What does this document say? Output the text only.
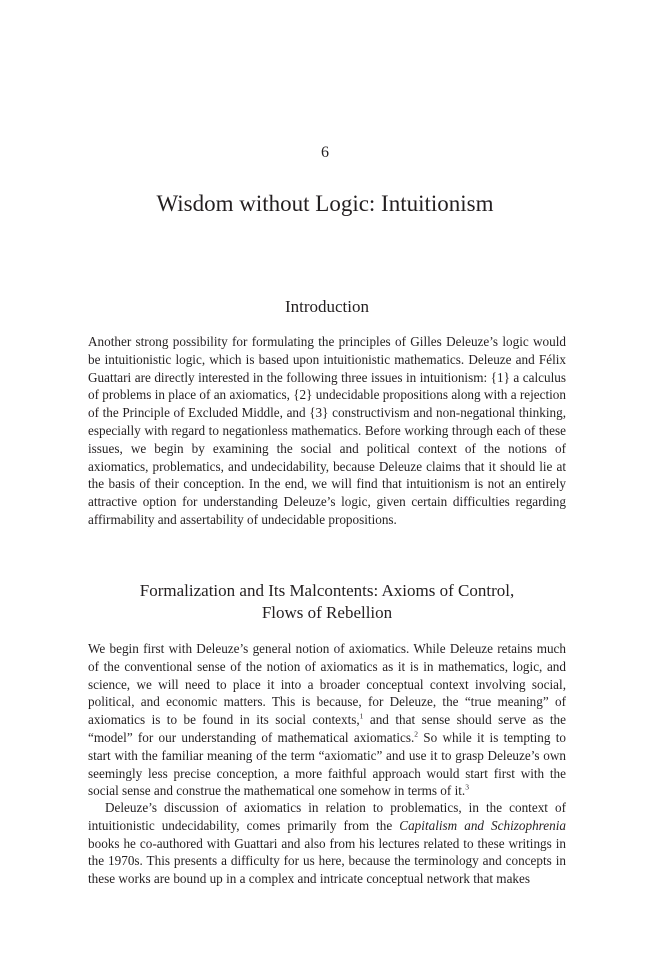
6
Wisdom without Logic: Intuitionism
Introduction

Another strong possibility for formulating the principles of Gilles Deleuze’s logic would be intuitionistic logic, which is based upon intuitionistic mathematics. Deleuze and Félix Guattari are directly interested in the following three issues in intuitionism: {1} a calculus of problems in place of an axiomatics, {2} undecidable propositions along with a rejection of the Principle of Excluded Middle, and {3} constructivism and non-negational thinking, especially with regard to negationless mathematics. Before working through each of these issues, we begin by examining the social and political context of the notions of axiomatics, problematics, and undecidability, because Deleuze claims that it should lie at the basis of their conception. In the end, we will find that intuitionism is not an entirely attractive option for understanding Deleuze’s logic, given certain difficulties regarding affirmability and assertability of undecidable propositions.

Formalization and Its Malcontents: Axioms of Control,
Flows of Rebellion

We begin first with Deleuze’s general notion of axiomatics. While Deleuze retains much of the conventional sense of the notion of axiomatics as it is in mathematics, logic, and science, we will need to place it into a broader conceptual context involving social, political, and economic matters. This is because, for Deleuze, the “true meaning” of axiomatics is to be found in its social contexts,$^1$ and that sense should serve as the “model” for our understanding of mathematical axiomatics.$^2$ So while it is tempting to start with the familiar meaning of the term “axiomatic” and use it to grasp Deleuze’s own seemingly less precise conception, a more faithful approach would start first with the social sense and construe the mathematical one somehow in terms of it.$^3$

Deleuze’s discussion of axiomatics in relation to problematics, in the context of intuitionistic undecidability, comes primarily from the Capitalism and Schizophrenia books he co-authored with Guattari and also from his lectures related to these writings in the 1970s. This presents a difficulty for us here, because the terminology and concepts in these works are bound up in a complex and intricate conceptual network that makes
